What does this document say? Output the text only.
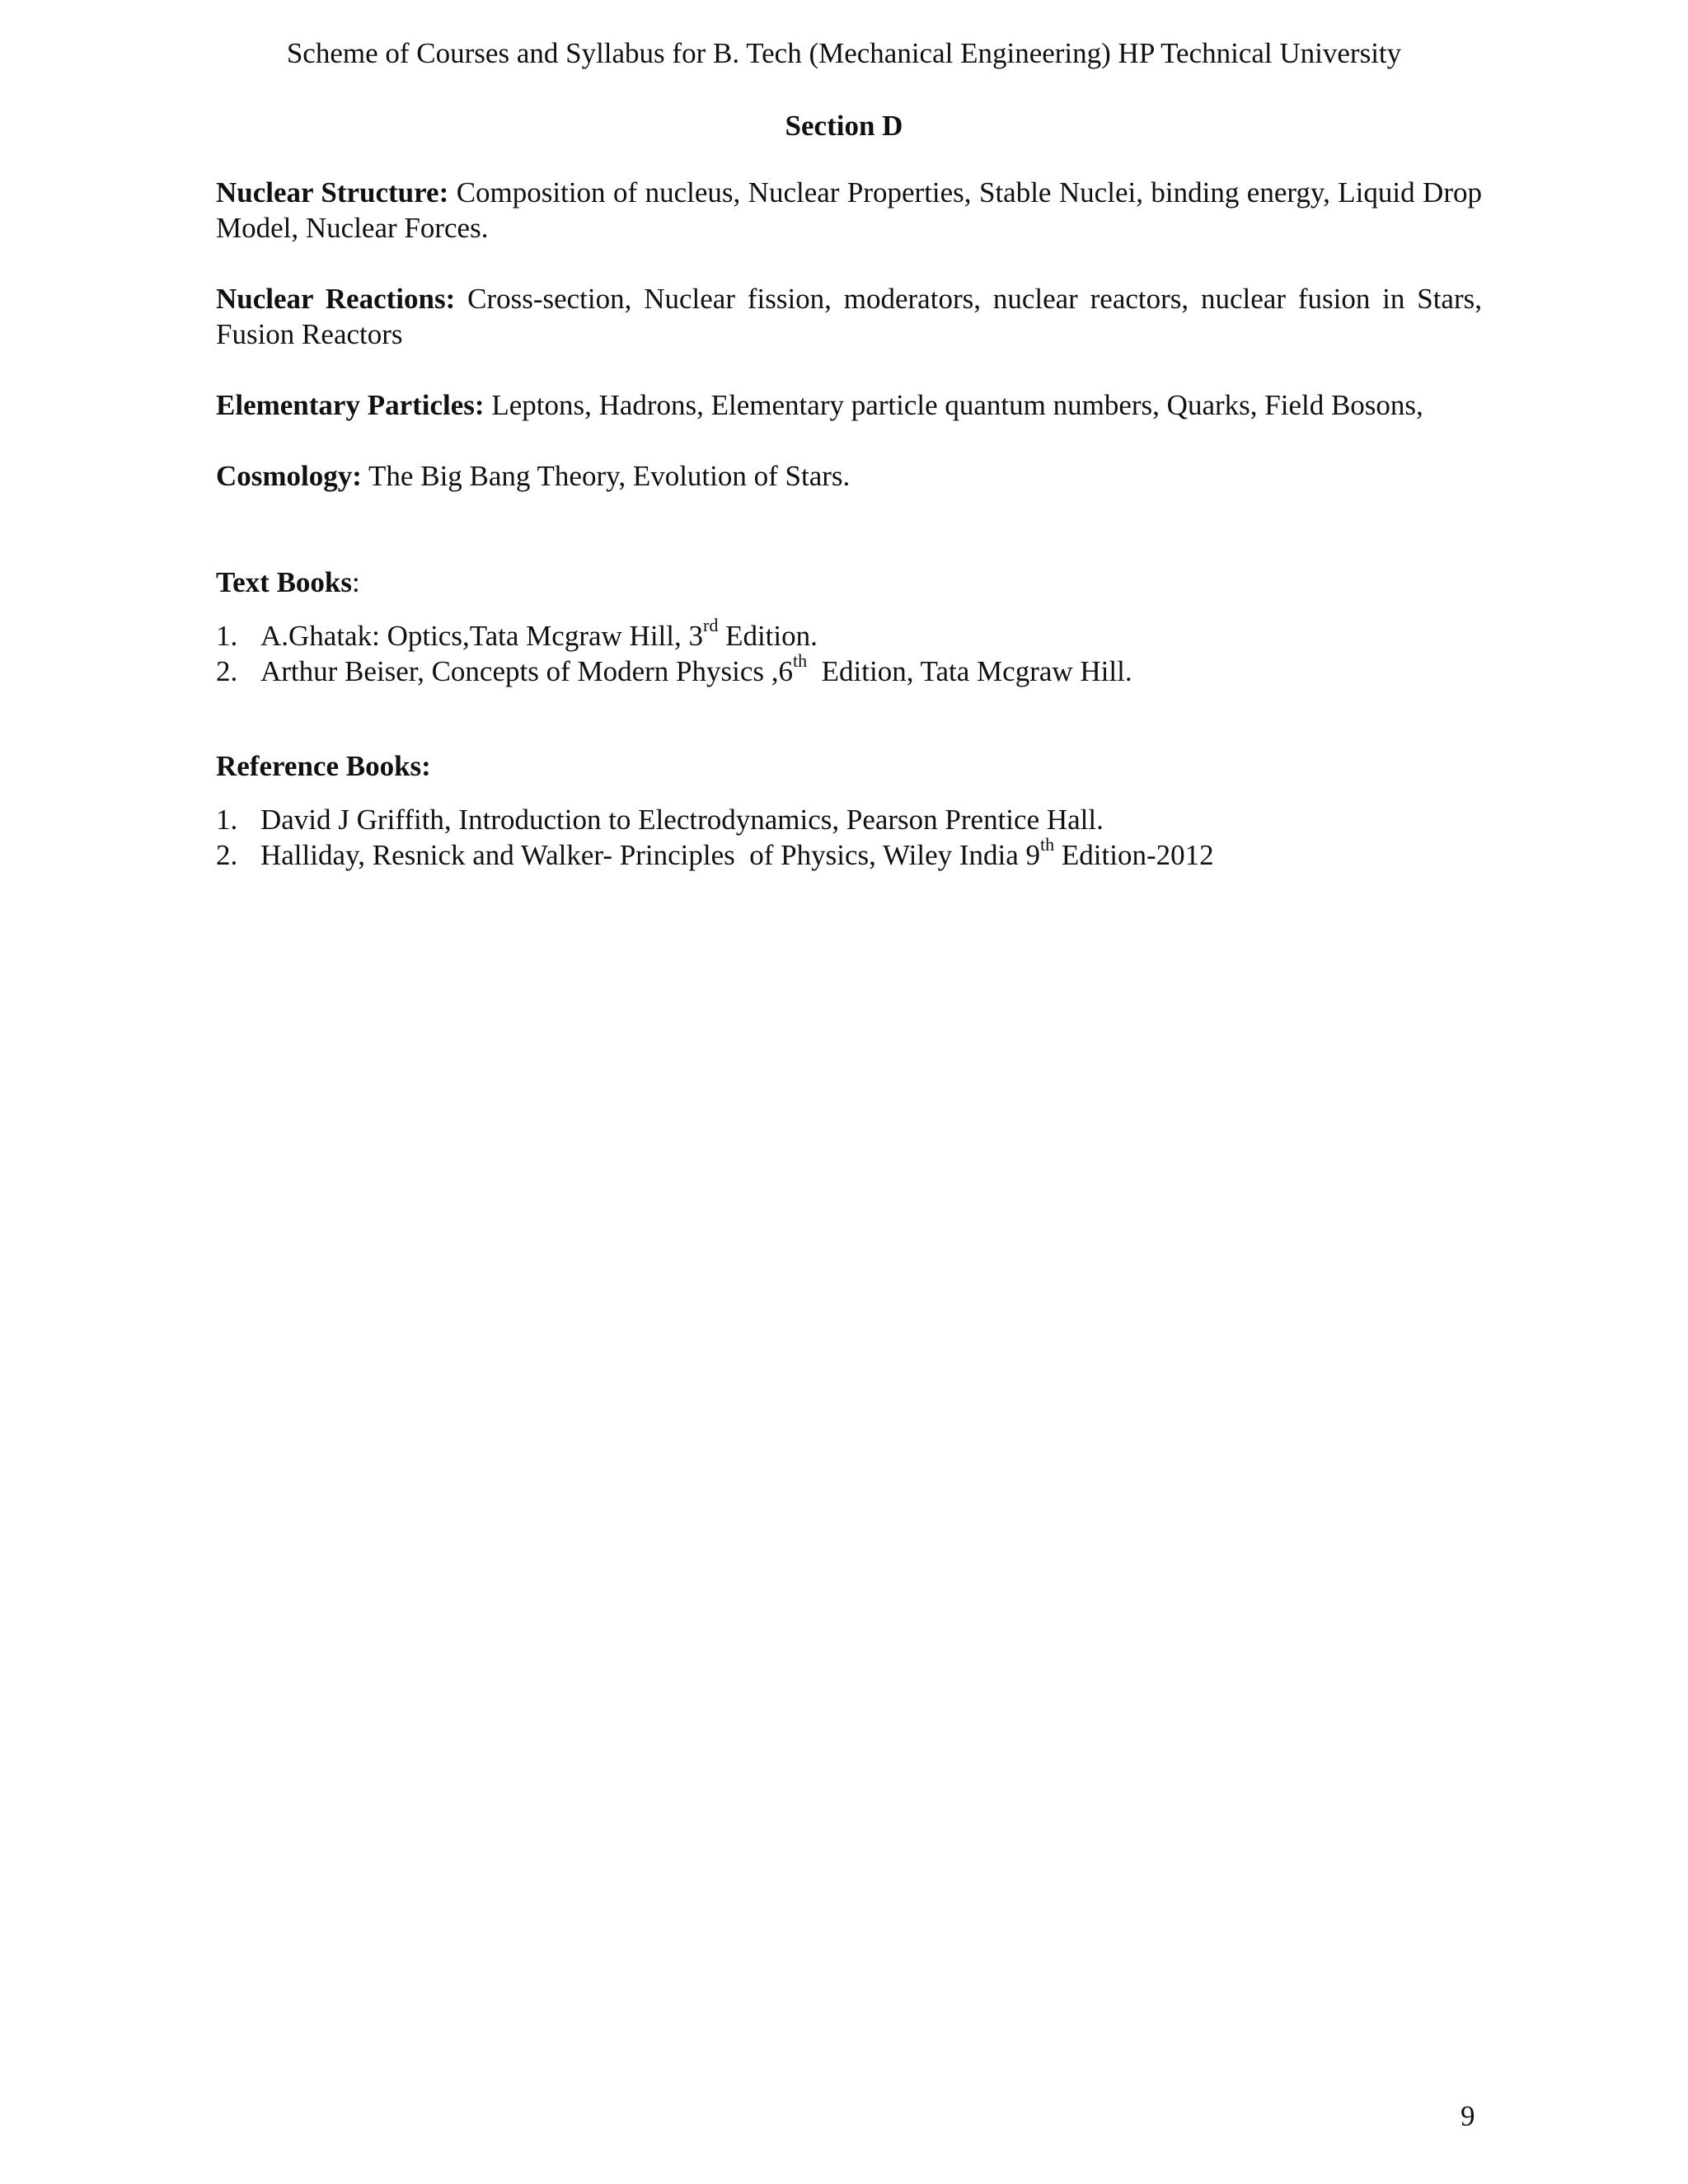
Scheme of Courses and Syllabus for B. Tech (Mechanical Engineering) HP Technical University
Section D

Nuclear Structure: Composition of nucleus, Nuclear Properties, Stable Nuclei, binding energy, Liquid Drop Model, Nuclear Forces.

Nuclear Reactions: Cross-section, Nuclear fission, moderators, nuclear reactors, nuclear fusion in Stars, Fusion Reactors

Elementary Particles: Leptons, Hadrons, Elementary particle quantum numbers, Quarks, Field Bosons,

Cosmology: The Big Bang Theory, Evolution of Stars.

Text Books:

1. A.Ghatak: Optics,Tata Mcgraw Hill, 3rd Edition.
2. Arthur Beiser, Concepts of Modern Physics ,6th  Edition, Tata Mcgraw Hill.

Reference Books:

1. David J Griffith, Introduction to Electrodynamics, Pearson Prentice Hall.
2. Halliday, Resnick and Walker- Principles  of Physics, Wiley India 9th Edition-2012
9
